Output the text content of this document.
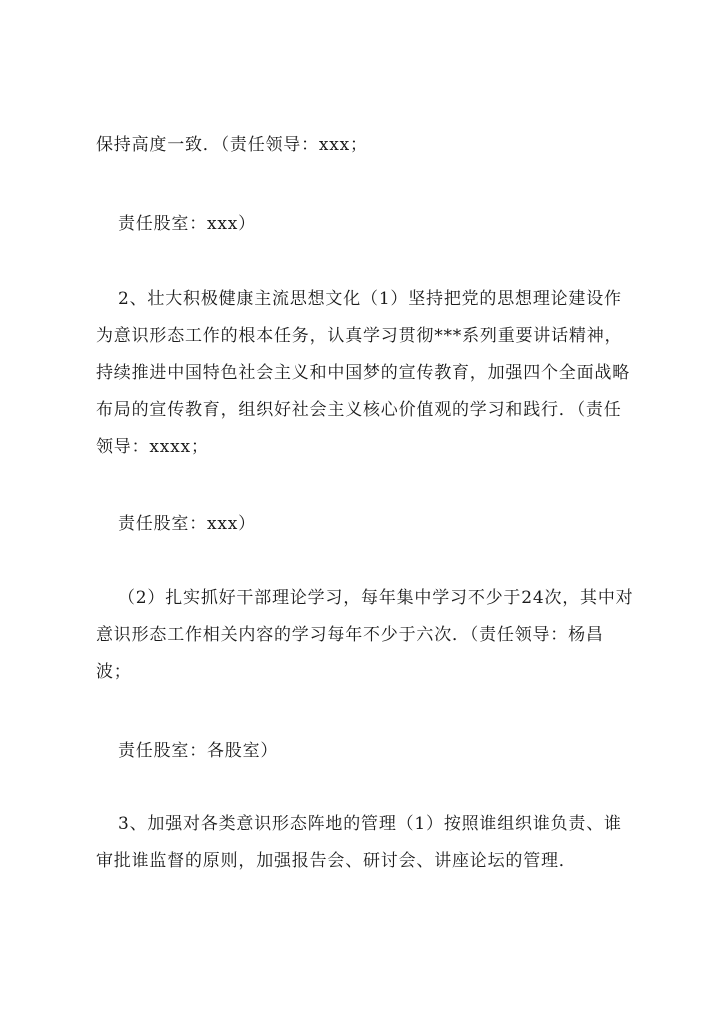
保持高度一致．（责任领导：xxx；

责任股室：xxx）

2、壮大积极健康主流思想文化（1）坚持把党的思想理论建设作为意识形态工作的根本任务，认真学习贯彻***系列重要讲话精神，持续推进中国特色社会主义和中国梦的宣传教育，加强四个全面战略布局的宣传教育，组织好社会主义核心价值观的学习和践行．（责任领导：xxxx；

责任股室：xxx）

（2）扎实抓好干部理论学习，每年集中学习不少于24次，其中对意识形态工作相关内容的学习每年不少于六次．（责任领导：杨昌波；

责任股室：各股室）

3、加强对各类意识形态阵地的管理（1）按照谁组织谁负责、谁审批谁监督的原则，加强报告会、研讨会、讲座论坛的管理．
